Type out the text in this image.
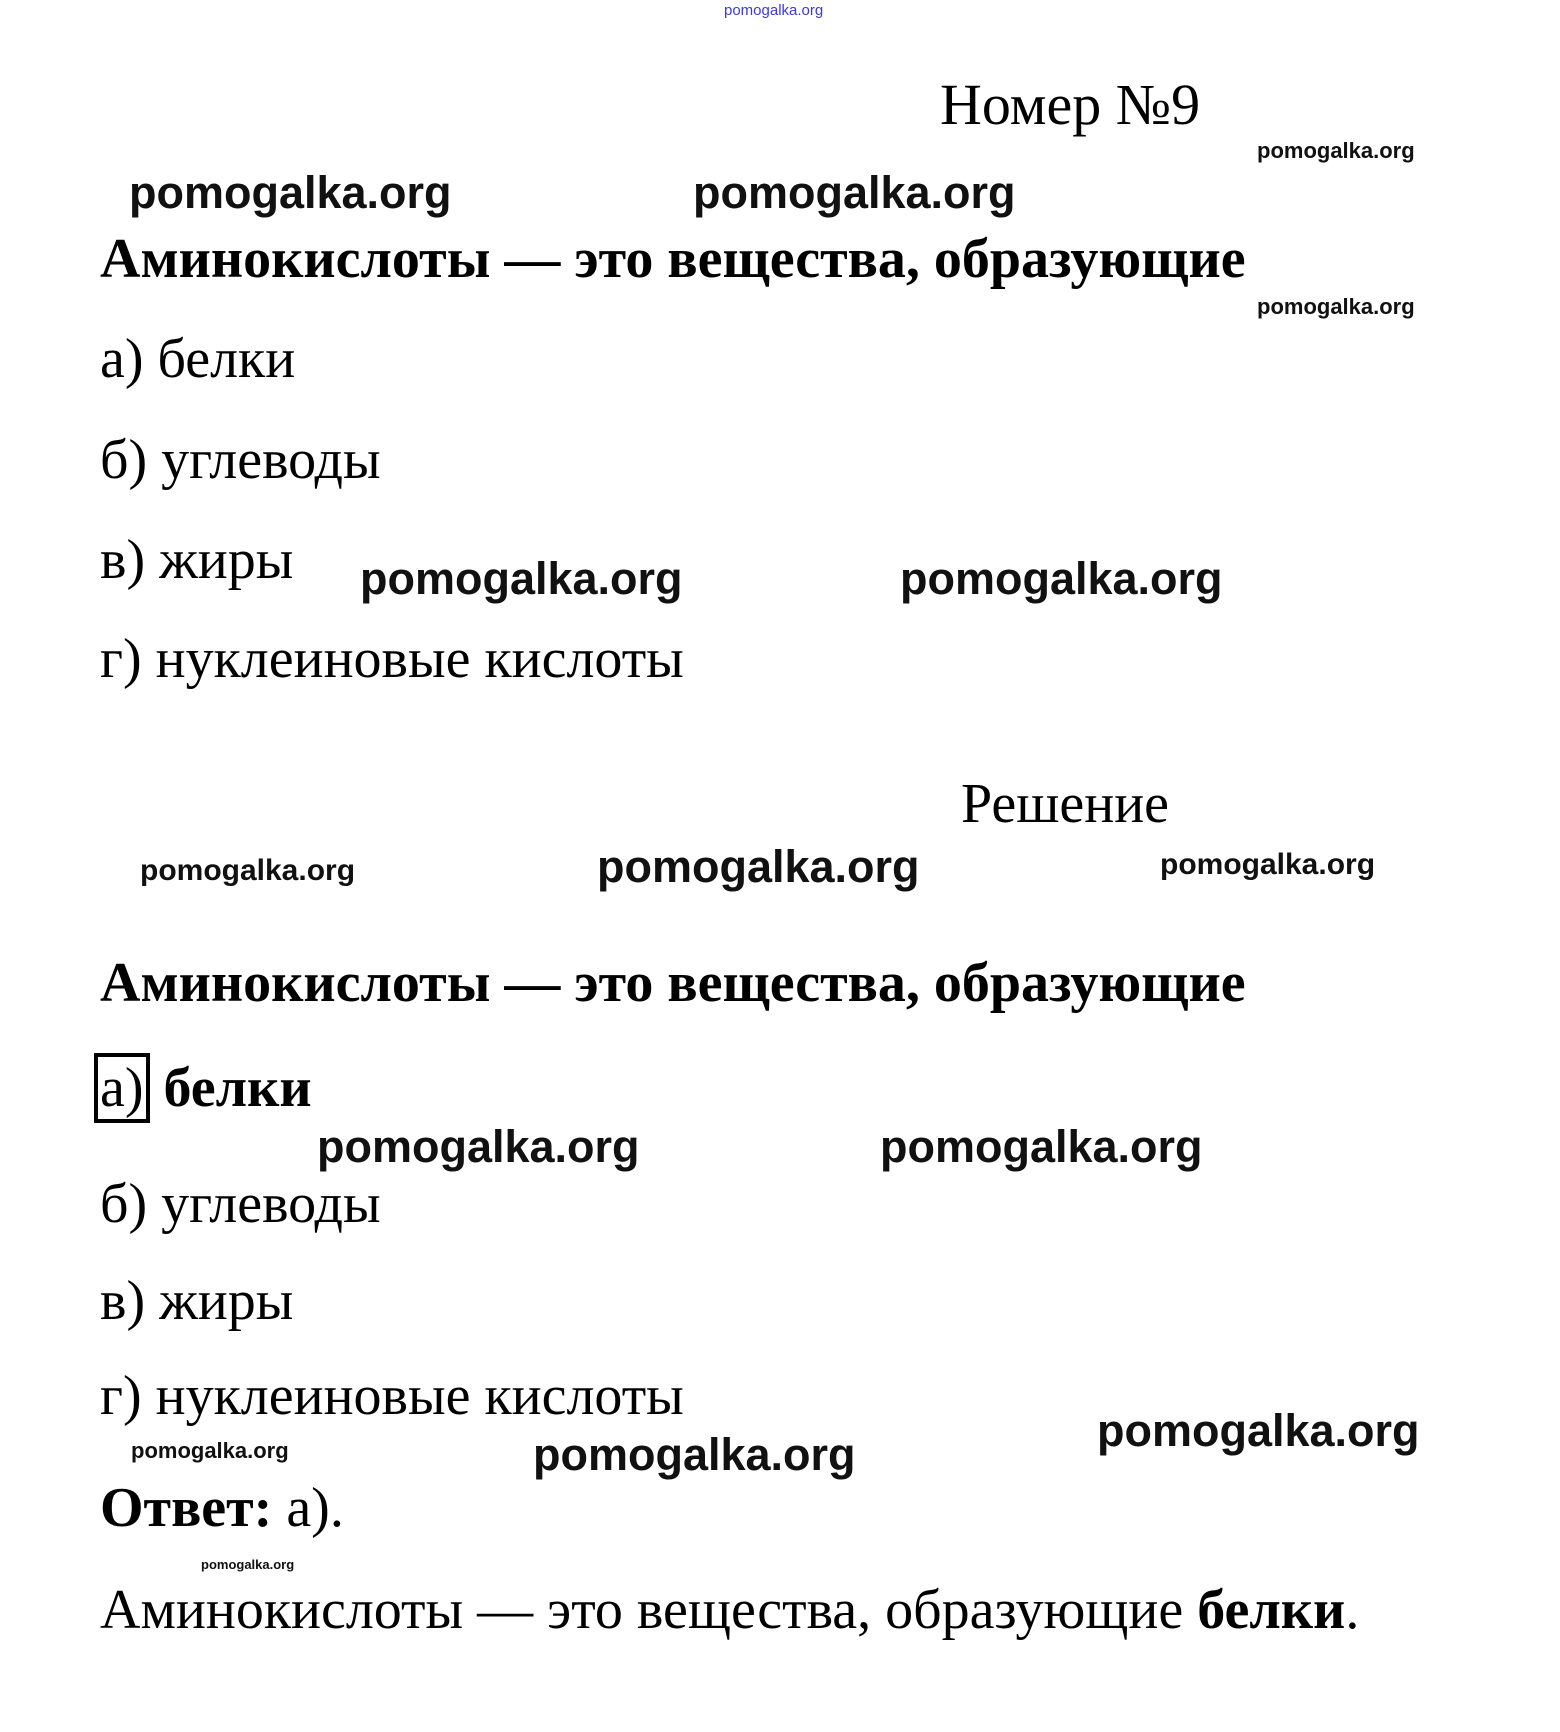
pomogalka.org
Номер №9
pomogalka.org
pomogalka.org	pomogalka.org
Аминокислоты — это вещества, образующие
pomogalka.org
а) белки
б) углеводы
в) жиры pomogalka.org	pomogalka.org
г) нуклеиновые кислоты
Решение
pomogalka.org	pomogalka.org	pomogalka.org
Аминокислоты — это вещества, образующие
а) белки
pomogalka.org	pomogalka.org
б) углеводы
в) жиры
г) нуклеиновые кислоты
pomogalka.org	pomogalka.org	pomogalka.org
Ответ: а).
pomogalka.org
Аминокислоты — это вещества, образующие белки.
